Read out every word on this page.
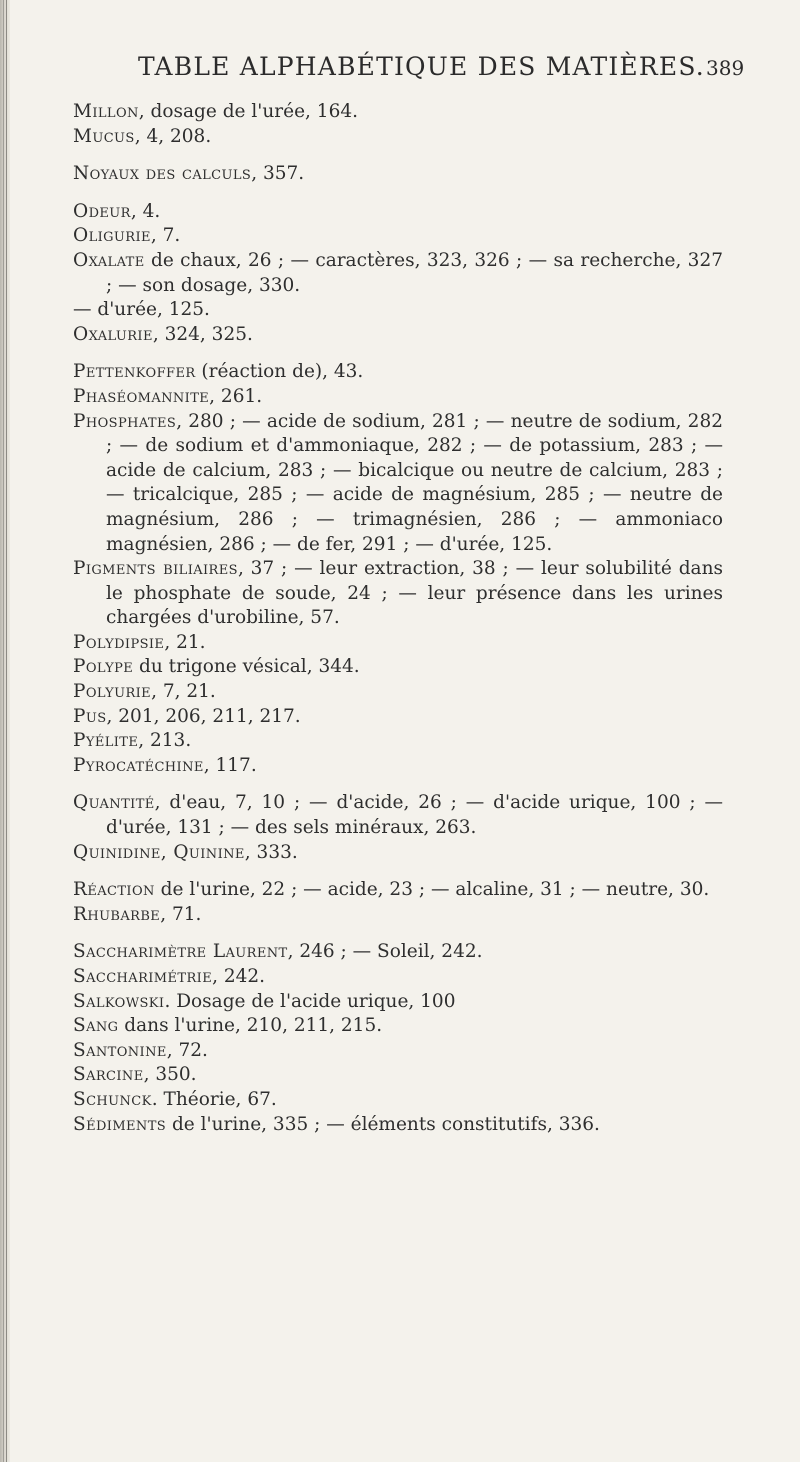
TABLE ALPHABÉTIQUE DES MATIÈRES. 389
Millon, dosage de l'urée, 164.
Mucus, 4, 208.
Noyaux des calculs, 357.
Odeur, 4.
Oligurie, 7.
Oxalate de chaux, 26 ; — caractères, 323, 326 ; — sa recherche, 327 ; — son dosage, 330.
— d'urée, 125.
Oxalurie, 324, 325.
Pettenkoffer (réaction de), 43.
Phaséomannite, 261.
Phosphates, 280 ; — acide de sodium, 281 ; — neutre de sodium, 282 ; — de sodium et d'ammoniaque, 282 ; — de potassium, 283 ; — acide de calcium, 283 ; — bicalcique ou neutre de calcium, 283 ; — tricalcique, 285 ; — acide de magnésium, 285 ; — neutre de magnésium, 286 ; — trimagnésien, 286 ; — ammoniaco magnésien, 286 ; — de fer, 291 ; — d'urée, 125.
Pigments biliaires, 37 ; — leur extraction, 38 ; — leur solubilité dans le phosphate de soude, 24 ; — leur présence dans les urines chargées d'urobiline, 57.
Polydipsie, 21.
Polype du trigone vésical, 344.
Polyurie, 7, 21.
Pus, 201, 206, 211, 217.
Pyélite, 213.
Pyrocatéchine, 117.
Quantité, d'eau, 7, 10 ; — d'acide, 26 ; — d'acide urique, 100 ; — d'urée, 131 ; — des sels minéraux, 263.
Quinidine, Quinine, 333.
Réaction de l'urine, 22 ; — acide, 23 ; — alcaline, 31 ; — neutre, 30.
Rhubarbe, 71.
Saccharimètre Laurent, 246 ; — Soleil, 242.
Saccharimétrie, 242.
Salkowski. Dosage de l'acide urique, 100
Sang dans l'urine, 210, 211, 215.
Santonine, 72.
Sarcine, 350.
Schunck. Théorie, 67.
Sédiments de l'urine, 335 ; — éléments constitutifs, 336.
